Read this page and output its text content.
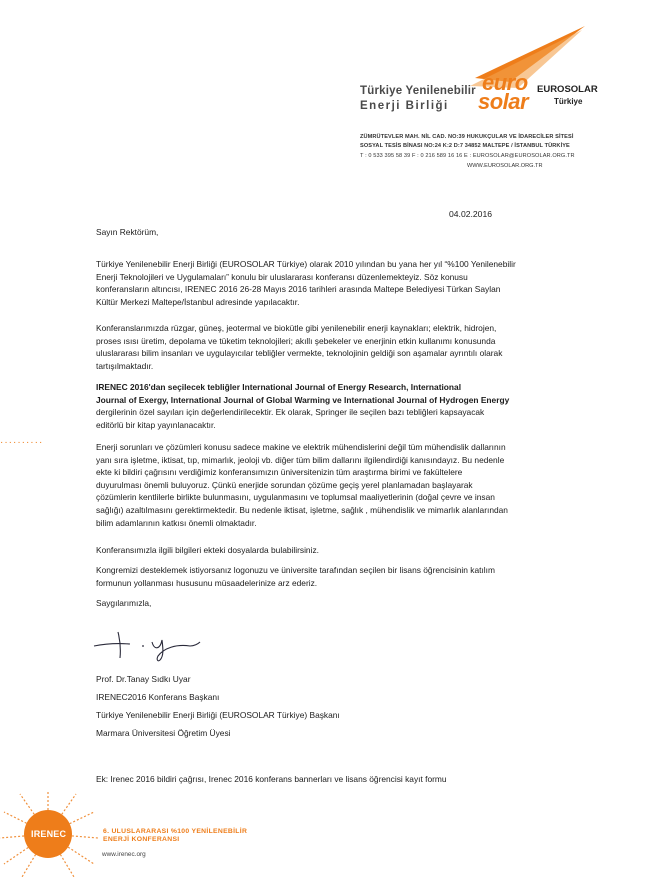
Türkiye Yenilenebilir
Enerji Birliği
euro
solar EUROSOLAR
Türkiye
ZÜMRÜTEVLER MAH. NİL CAD. NO:39 HUKUKÇULAR VE İDARECİLER SİTESİ
SOSYAL TESİS BİNASI NO:24 K:2 D:7 34852 MALTEPE / İSTANBUL TÜRKİYE
T : 0 533 395 58 39 F : 0 216 589 16 16 E : EUROSOLAR@EUROSOLAR.ORG.TR
WWW.EUROSOLAR.ORG.TR
··········
04.02.2016
Sayın Rektörüm,

Türkiye Yenilenebilir Enerji Birliği (EUROSOLAR Türkiye) olarak 2010 yılından bu yana her yıl “%100 Yenilenebilir

Enerji Teknolojileri ve Uygulamaları” konulu bir uluslararası konferansı düzenlemekteyiz. Söz konusu

konferansların altıncısı, IRENEC 2016 26-28 Mayıs 2016 tarihleri arasında Maltepe Belediyesi Türkan Saylan

Kültür Merkezi Maltepe/İstanbul adresinde yapılacaktır.

Konferanslarımızda rüzgar, güneş, jeotermal ve biokütle gibi yenilenebilir enerji kaynakları; elektrik, hidrojen,

proses ısısı üretim, depolama ve tüketim teknolojileri; akıllı şebekeler ve enerjinin etkin kullanımı konusunda

uluslararası bilim insanları ve uygulayıcılar tebliğler vermekte, teknolojinin geldiği son aşamalar ayrıntılı olarak

tartışılmaktadır.

IRENEC 2016'dan seçilecek tebliğler International Journal of Energy Research, International

Journal of Exergy, International Journal of Global Warming ve International Journal of Hydrogen Energy

dergilerinin özel sayıları için değerlendirilecektir. Ek olarak, Springer ile seçilen bazı tebliğleri kapsayacak

editörlü bir kitap yayınlanacaktır.

Enerji sorunları ve çözümleri konusu sadece makine ve elektrik mühendislerini değil tüm mühendislik dallarının

yanı sıra işletme, iktisat, tıp, mimarlık, jeoloji vb. diğer tüm bilim dallarını ilgilendirdiği kanısındayız. Bu nedenle

ekte ki bildiri çağrısını verdiğimiz konferansımızın üniversitenizin tüm araştırma birimi ve fakültelere

duyurulması önemli buluyoruz. Çünkü enerjide sorundan çözüme geçiş yerel planlamadan başlayarak

çözümlerin kentlilerle birlikte bulunmasını, uygulanmasını ve toplumsal maaliyetlerinin (doğal çevre ve insan

sağlığı) azaltılmasını gerektirmektedir. Bu nedenle iktisat, işletme, sağlık , mühendislik ve mimarlık alanlarından

bilim adamlarının katkısı önemli olmaktadır.

Konferansımızla ilgili bilgileri ekteki dosyalarda bulabilirsiniz.

Kongremizi desteklemek istiyorsanız logonuzu ve üniversite tarafından seçilen bir lisans öğrencisinin katılım

formunun yollanması hususunu müsaadelerinize arz ederiz.

Saygılarımızla,
Prof. Dr.Tanay Sıdkı Uyar
IRENEC2016 Konferans Başkanı
Türkiye Yenilenebilir Enerji Birliği (EUROSOLAR Türkiye) Başkanı
Marmara Üniversitesi Öğretim Üyesi
Ek: Irenec 2016 bildiri çağrısı, Irenec 2016 konferans bannerları ve lisans öğrencisi kayıt formu
IRENEC	6. ULUSLARARASI %100 YENİLENEBİLİR
ENERJİ KONFERANSI
www.irenec.org
